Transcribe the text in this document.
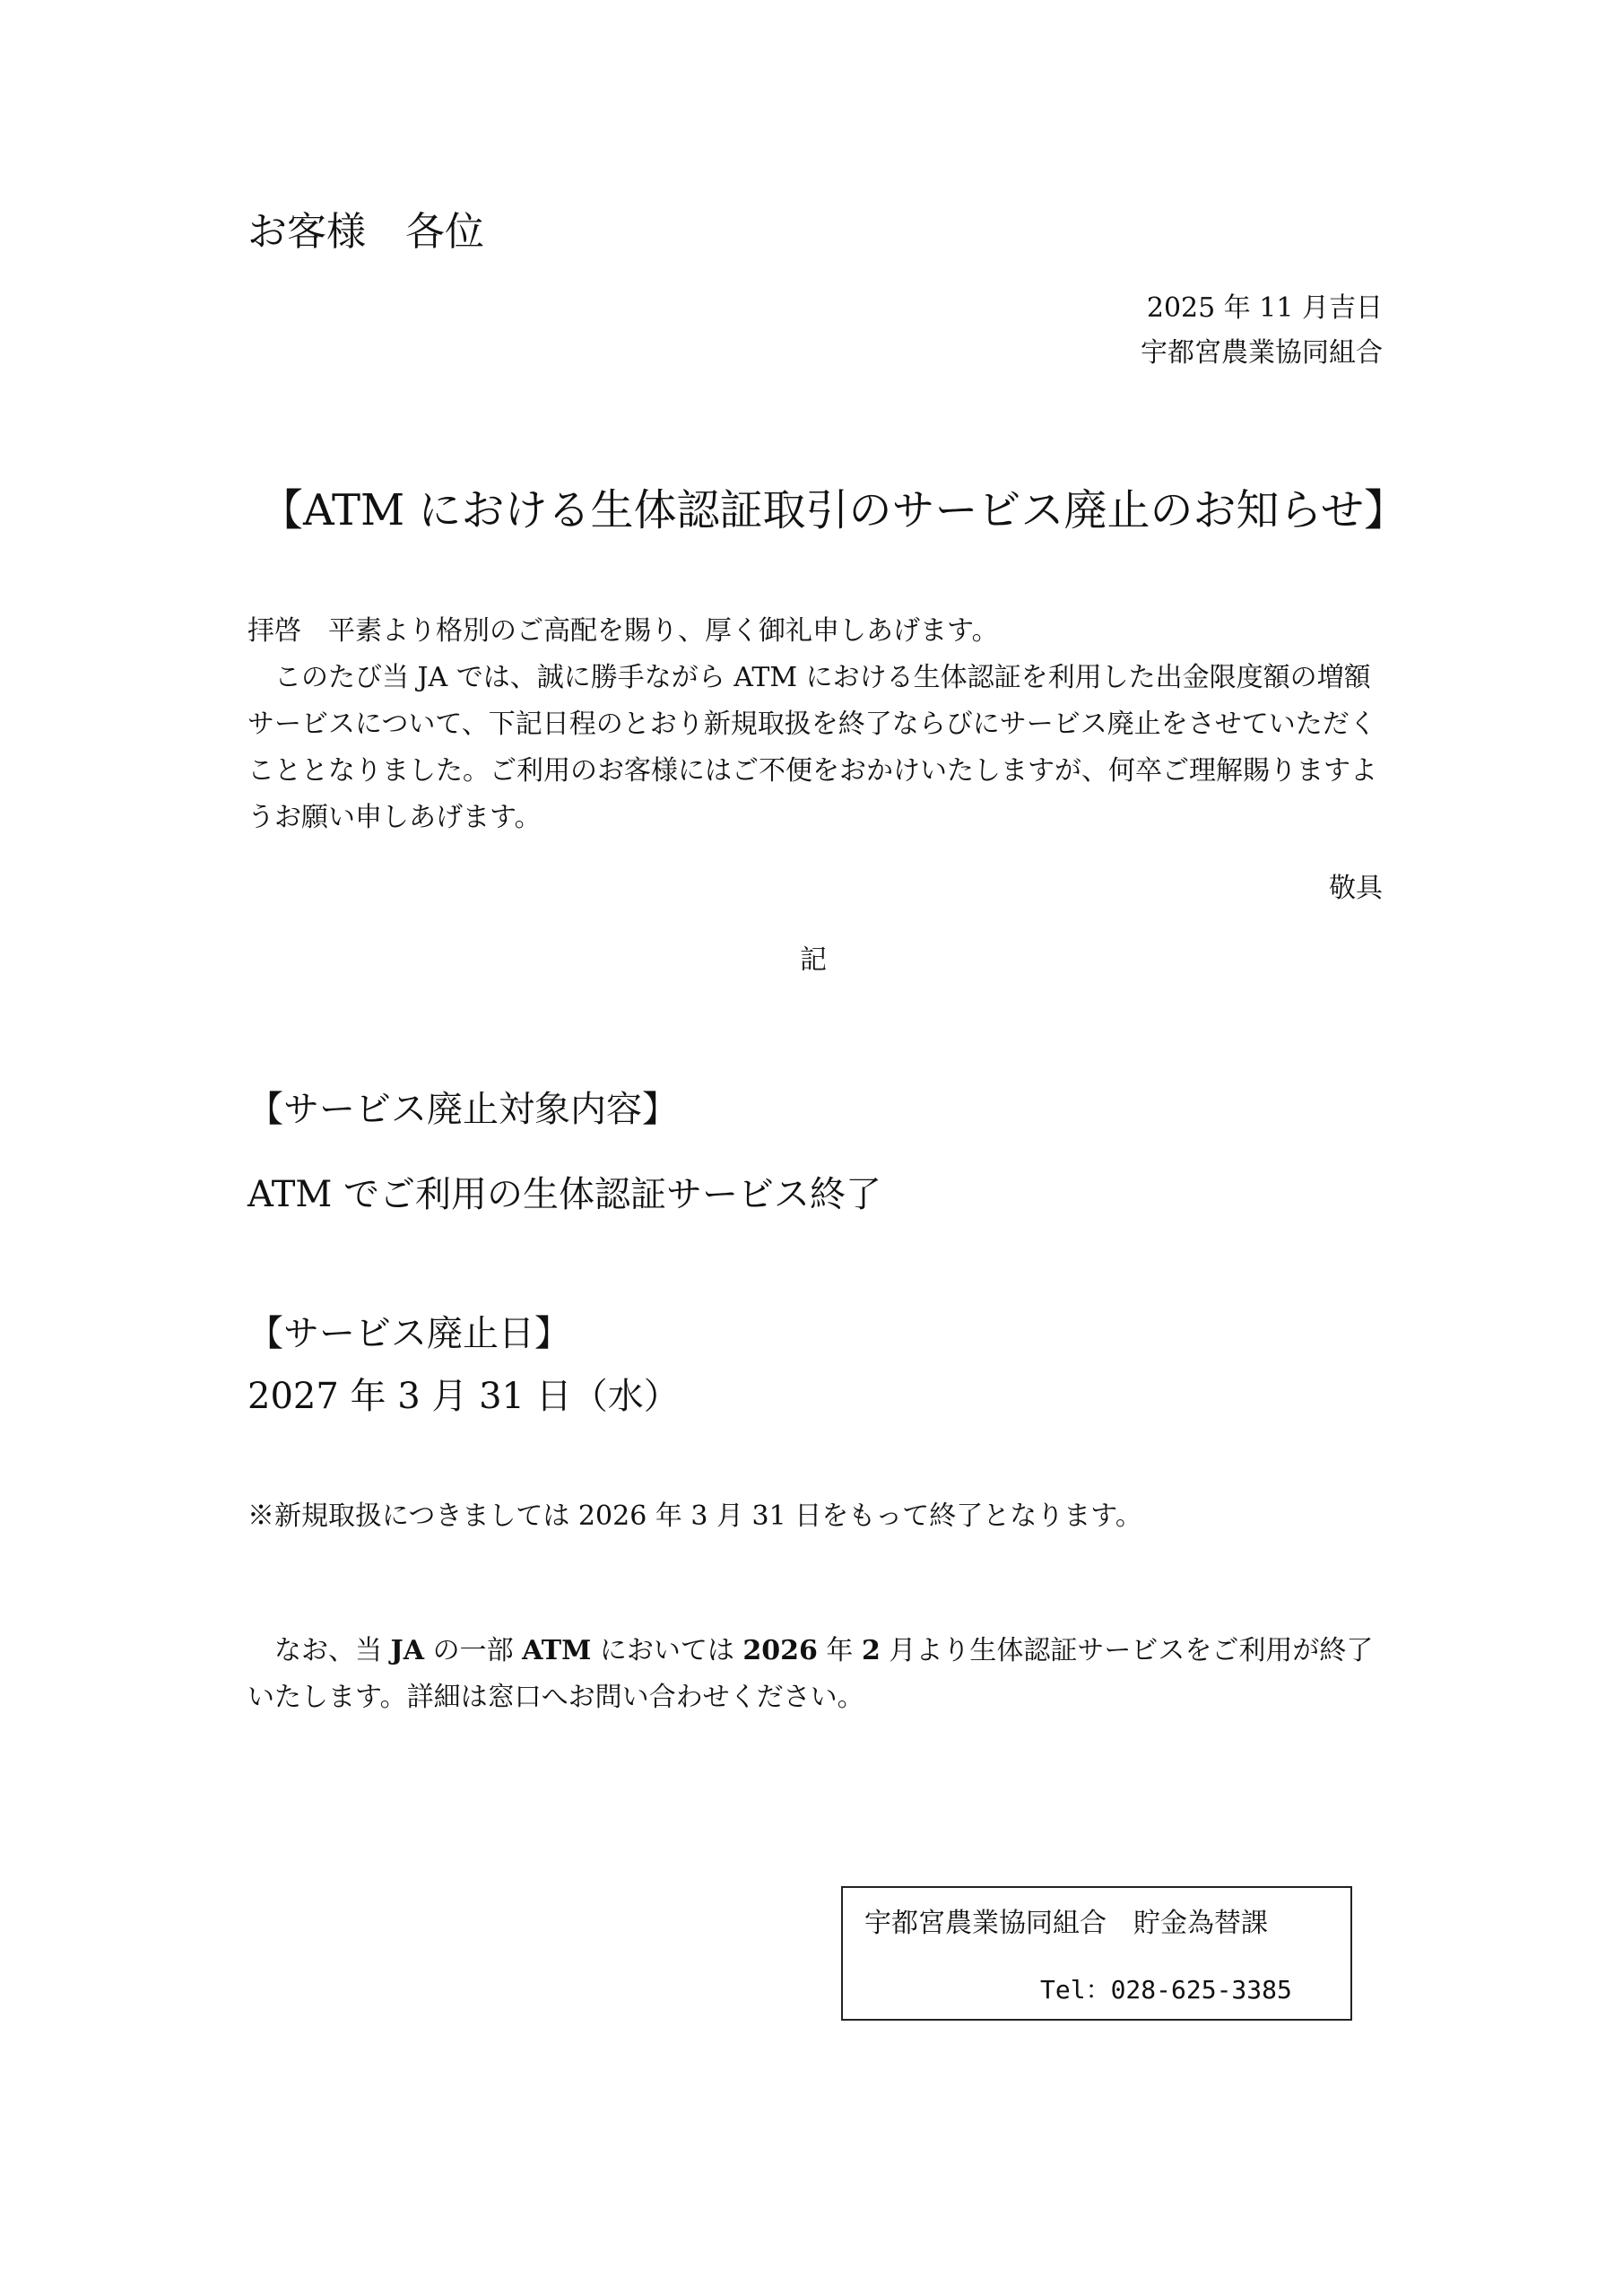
お客様　各位
2025 年 11 月吉日
宇都宮農業協同組合
【ATM における生体認証取引のサービス廃止のお知らせ】

拝啓　平素より格別のご高配を賜り、厚く御礼申しあげます。

このたび当 JA では、誠に勝手ながら ATM における生体認証を利用した出金限度額の増額サービスについて、下記日程のとおり新規取扱を終了ならびにサービス廃止をさせていただくこととなりました。ご利用のお客様にはご不便をおかけいたしますが、何卒ご理解賜りますようお願い申しあげます。

敬具
記
【サービス廃止対象内容】
ATM でご利用の生体認証サービス終了
【サービス廃止日】
2027 年 3 月 31 日（水）
※新規取扱につきましては 2026 年 3 月 31 日をもって終了となります。

なお、当 JA の一部 ATM においては 2026 年 2 月より生体認証サービスをご利用が終了いたします。詳細は窓口へお問い合わせください。

宇都宮農業協同組合　貯金為替課
Tel：028-625-3385
